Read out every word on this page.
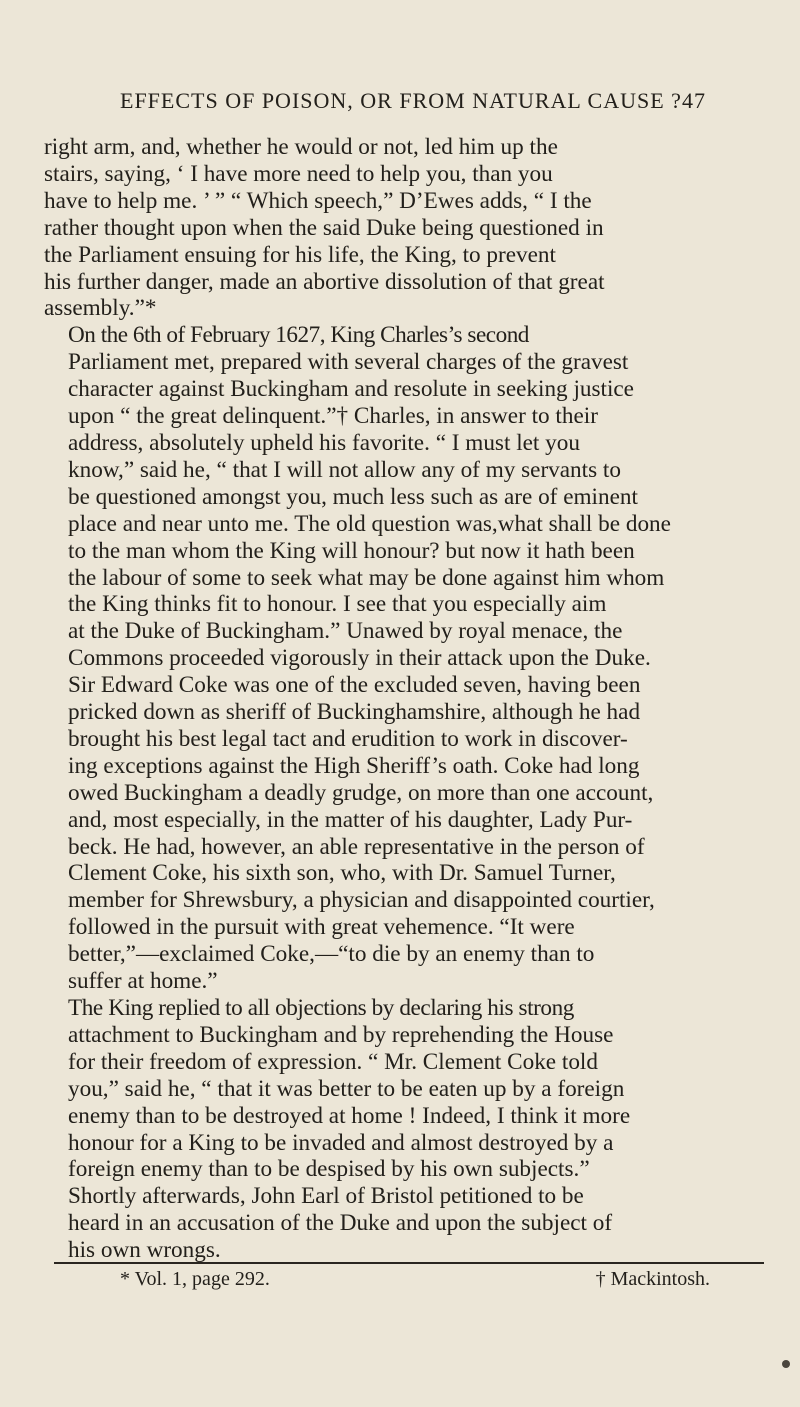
EFFECTS OF POISON, OR FROM NATURAL CAUSE ? 47

right arm, and, whether he would or not, led him up the
stairs, saying, ‘ I have more need to help you, than you
have to help me. ’ ” “ Which speech,” D’Ewes adds, “ I the
rather thought upon when the said Duke being questioned in
the Parliament ensuing for his life, the King, to prevent
his further danger, made an abortive dissolution of that great
assembly.”*

On the 6th of February 1627, King Charles’s second
Parliament met, prepared with several charges of the gravest
character against Buckingham and resolute in seeking justice
upon “ the great delinquent.”† Charles, in answer to their
address, absolutely upheld his favorite. “ I must let you
know,” said he, “ that I will not allow any of my servants to
be questioned amongst you, much less such as are of eminent
place and near unto me. The old question was,what shall be done
to the man whom the King will honour? but now it hath been
the labour of some to seek what may be done against him whom
the King thinks fit to honour. I see that you especially aim
at the Duke of Buckingham.” Unawed by royal menace, the
Commons proceeded vigorously in their attack upon the Duke.
Sir Edward Coke was one of the excluded seven, having been
pricked down as sheriff of Buckinghamshire, although he had
brought his best legal tact and erudition to work in discover-
ing exceptions against the High Sheriff’s oath. Coke had long
owed Buckingham a deadly grudge, on more than one account,
and, most especially, in the matter of his daughter, Lady Pur-
beck. He had, however, an able representative in the person of
Clement Coke, his sixth son, who, with Dr. Samuel Turner,
member for Shrewsbury, a physician and disappointed courtier,
followed in the pursuit with great vehemence. “It were
better,”—exclaimed Coke,—“to die by an enemy than to
suffer at home.”

The King replied to all objections by declaring his strong
attachment to Buckingham and by reprehending the House
for their freedom of expression. “ Mr. Clement Coke told
you,” said he, “ that it was better to be eaten up by a foreign
enemy than to be destroyed at home ! Indeed, I think it more
honour for a King to be invaded and almost destroyed by a
foreign enemy than to be despised by his own subjects.”
Shortly afterwards, John Earl of Bristol petitioned to be
heard in an accusation of the Duke and upon the subject of
his own wrongs.

* Vol. 1, page 292.	† Mackintosh.
